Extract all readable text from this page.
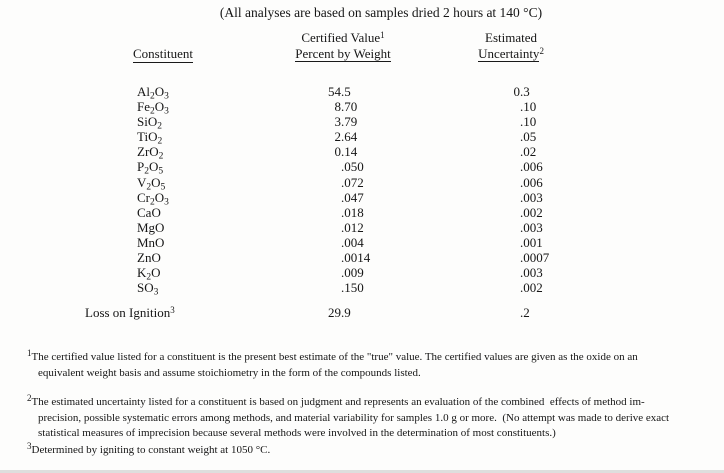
(All analyses are based on samples dried 2 hours at 140 °C)
Constituent
Certified Value$^1$
Percent by Weight
Estimated
Uncertainty$^2$
$Al_2O_3$	54 .5	0 .3
$Fe_2O_3$	8 .70	.10
SiO$_2$	3 .79	.10
TiO$_2$	2 .64	.05
ZrO$_2$	0 .14	.02
$P_2O_5$	.050	.006
$V_2O_5$	.072	.006
$Cr_2O_3$	.047	.003
CaO	.018	.002
MgO	.012	.003
MnO	.004	.001
ZnO	.0014	.0007
$K_2O$	.009	.003
$SO_3$	.150	.002
Loss on Ignition$^3$	29 .9	.2
$^1$The certified value listed for a constituent is the present best estimate of the "true" value. The certified values are given as the oxide on an
equivalent weight basis and assume stoichiometry in the form of the compounds listed.
$^2$The estimated uncertainty listed for a constituent is based on judgment and represents an evaluation of the combined  effects of method im-
precision, possible systematic errors among methods, and material variability for samples 1.0 g or more.  (No attempt was made to derive exact
statistical measures of imprecision because several methods were involved in the determination of most constituents.)
$^3$Determined by igniting to constant weight at 1050 °C.
